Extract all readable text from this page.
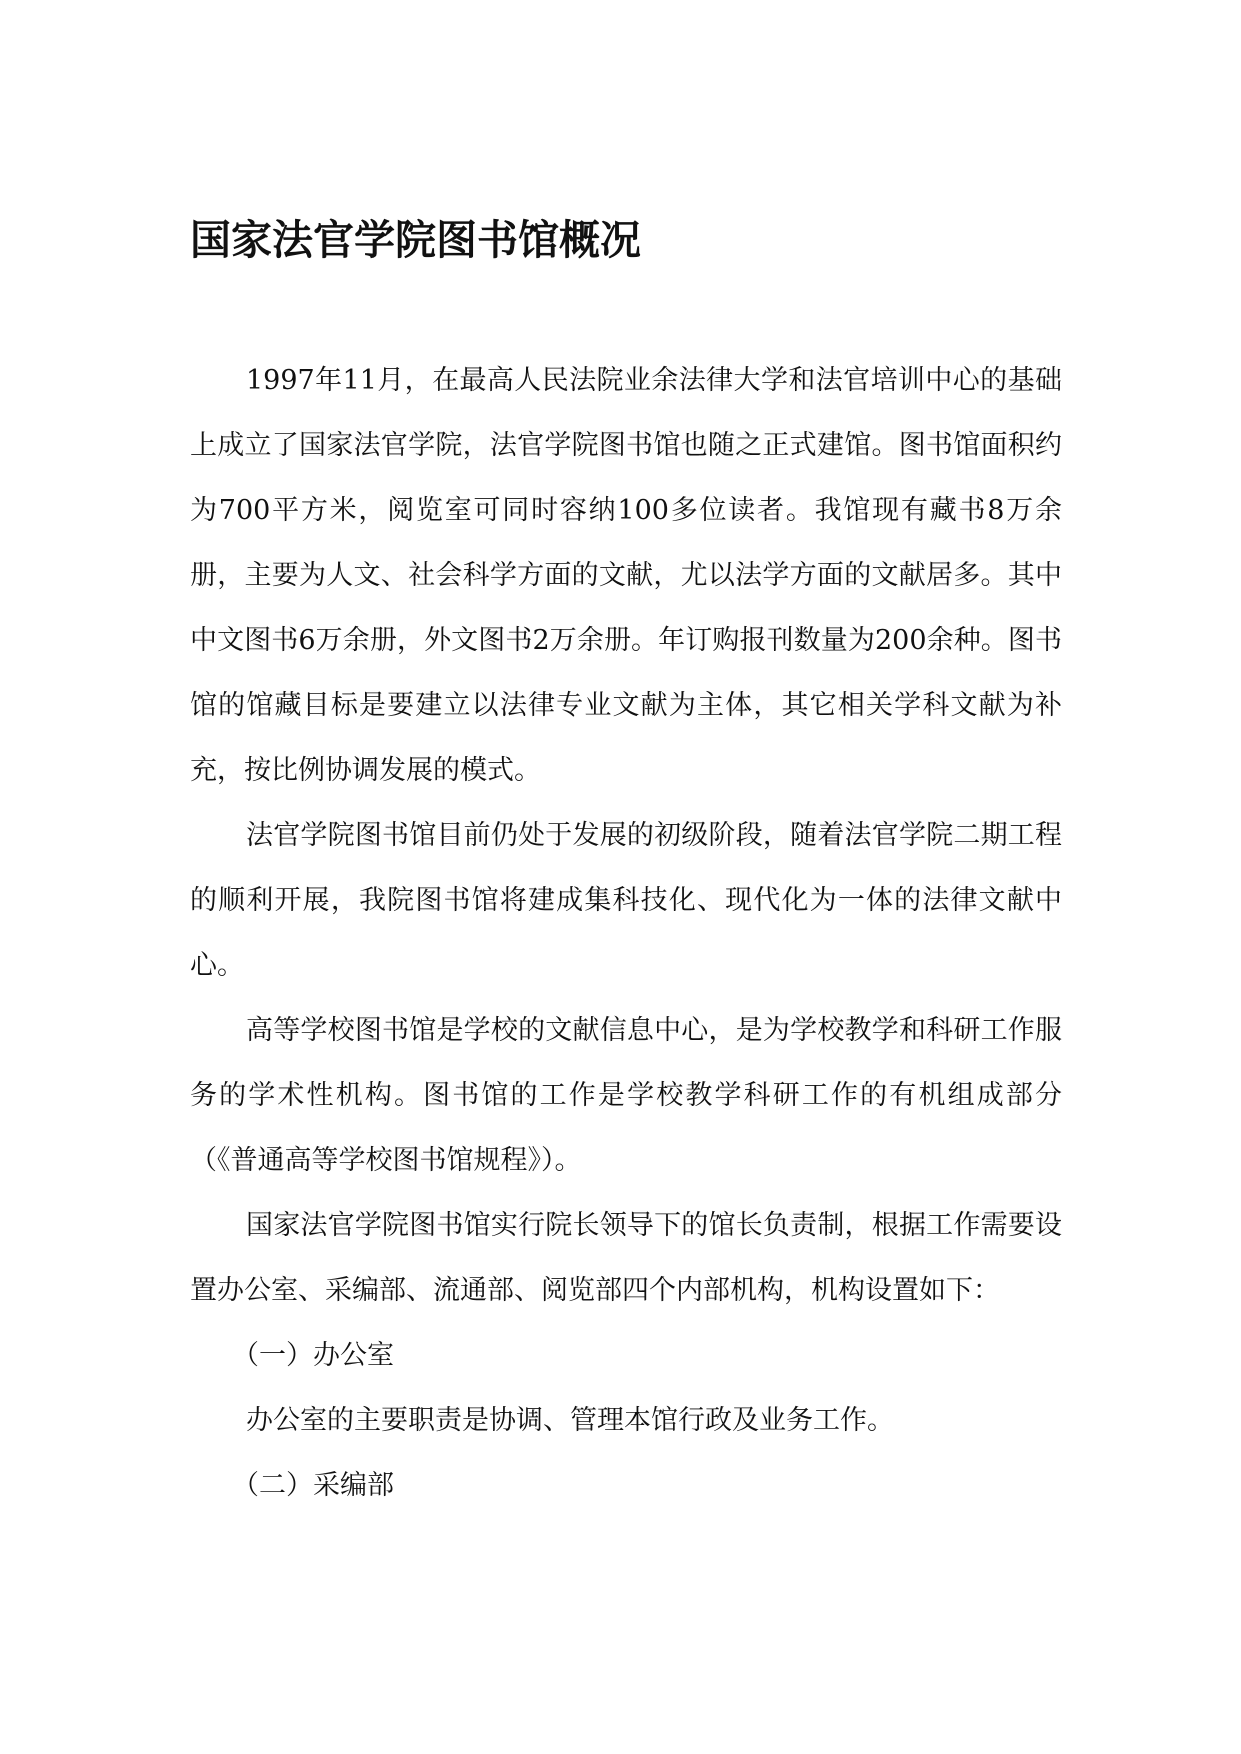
国家法官学院图书馆概况

1997年11月，在最高人民法院业余法律大学和法官培训中心的基础上成立了国家法官学院，法官学院图书馆也随之正式建馆。图书馆面积约为700平方米，阅览室可同时容纳100多位读者。我馆现有藏书8万余册，主要为人文、社会科学方面的文献，尤以法学方面的文献居多。其中中文图书6万余册，外文图书2万余册。年订购报刊数量为200余种。图书馆的馆藏目标是要建立以法律专业文献为主体，其它相关学科文献为补充，按比例协调发展的模式。

法官学院图书馆目前仍处于发展的初级阶段，随着法官学院二期工程的顺利开展，我院图书馆将建成集科技化、现代化为一体的法律文献中心。

高等学校图书馆是学校的文献信息中心，是为学校教学和科研工作服务的学术性机构。图书馆的工作是学校教学科研工作的有机组成部分（《普通高等学校图书馆规程》）。

国家法官学院图书馆实行院长领导下的馆长负责制，根据工作需要设置办公室、采编部、流通部、阅览部四个内部机构，机构设置如下：

（一）办公室

办公室的主要职责是协调、管理本馆行政及业务工作。

（二）采编部
